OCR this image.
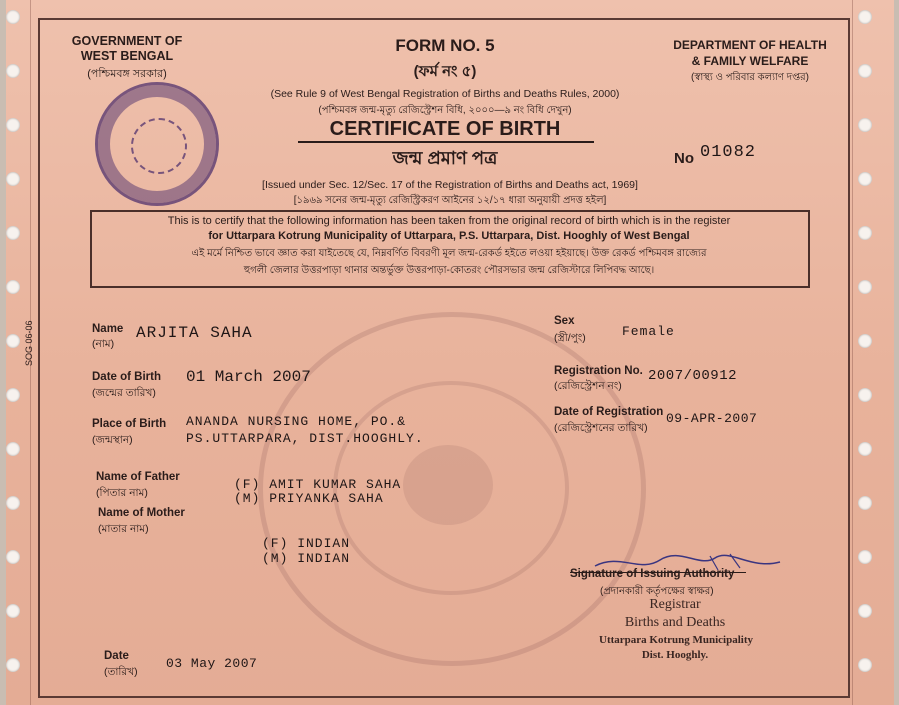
GOVERNMENT OF
WEST BENGAL
(পশ্চিমবঙ্গ সরকার)
FORM NO. 5
(ফর্ম নং ৫)
(See Rule 9 of West Bengal Registration of Births and Deaths Rules, 2000)
(পশ্চিমবঙ্গ জন্ম-মৃত্যু রেজিস্ট্রেশন বিধি, ২০০০—৯ নং বিধি দেখুন)
CERTIFICATE OF BIRTH
জন্ম প্রমাণ পত্র
DEPARTMENT OF HEALTH
& FAMILY WELFARE
(স্বাস্থ্য ও পরিবার কল্যাণ দপ্তর)
No 01082
[Issued under Sec. 12/Sec. 17 of the Registration of Births and Deaths act, 1969]
[১৯৬৯ সনের জন্ম-মৃত্যু রেজিস্ট্রিকরণ আইনের ১২/১৭ ধারা অনুযায়ী প্রদত্ত হইল]
This is to certify that the following information has been taken from the original record of birth which is in the register
for Uttarpara Kotrung Municipality of Uttarpara, P.S. Uttarpara, Dist. Hooghly of West Bengal
এই মর্মে নিশ্চিত ভাবে জ্ঞাত করা যাইতেছে যে, নিম্নবর্ণিত বিবরণী মূল জন্ম-রেকর্ড হইতে লওয়া হইয়াছে। উক্ত রেকর্ড পশ্চিমবঙ্গ রাজ্যের
হুগলী জেলার উত্তরপাড়া থানার অন্তর্ভুক্ত উত্তরপাড়া-কোতরং পৌরসভার জন্ম রেজিস্টারে লিপিবদ্ধ আছে।
SOG 06-06	Name
(নাম)
ARJITA SAHA
Date of Birth
(জন্মের তারিখ)
01 March 2007
Place of Birth
(জন্মস্থান)
ANANDA NURSING HOME, PO.&
PS.UTTARPARA, DIST.HOOGHLY.
Name of Father
(পিতার নাম)
(F) AMIT KUMAR SAHA
Name of Mother
(মাতার নাম)
(M) PRIYANKA SAHA
(F) INDIAN
(M) INDIAN
Date
(তারিখ)
03 May 2007
Sex
(স্ত্রী/পুং)	Female
Registration No.
(রেজিস্ট্রেশন নং)
2007/00912
Date of Registration
(রেজিস্ট্রেশনের তারিখ)
09-APR-2007
Signature of Issuing Authority
(প্রদানকারী কর্তৃপক্ষের স্বাক্ষর)
Registrar
Births and Deaths
Uttarpara Kotrung Municipality
Dist. Hooghly.
